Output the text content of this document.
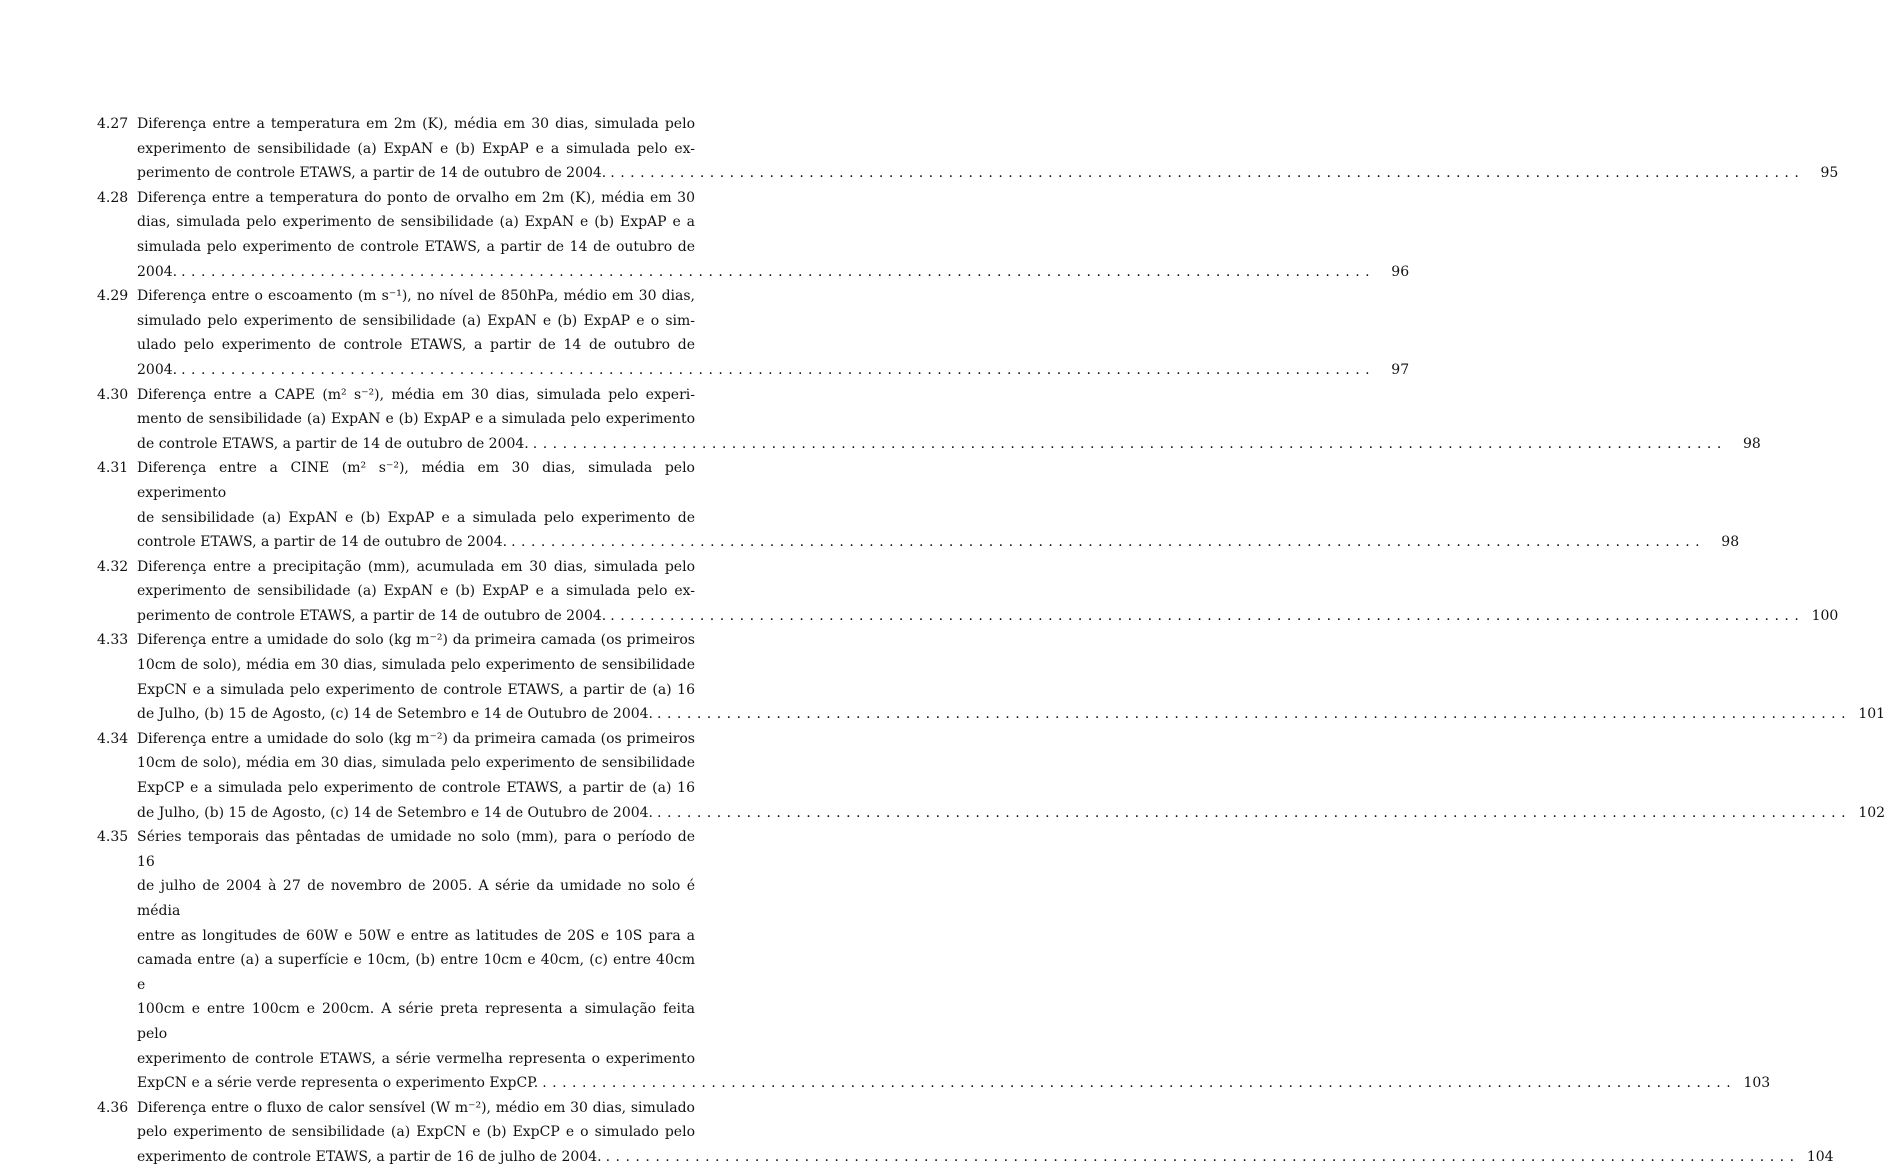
4.27 Diferença entre a temperatura em 2m (K), média em 30 dias, simulada pelo
experimento de sensibilidade (a) ExpAN e (b) ExpAP e a simulada pelo ex-
perimento de controle ETAWS, a partir de 14 de outubro de 2004. ........................................................................................................................	95
4.28 Diferença entre a temperatura do ponto de orvalho em 2m (K), média em 30
dias, simulada pelo experimento de sensibilidade (a) ExpAN e (b) ExpAP e a
simulada pelo experimento de controle ETAWS, a partir de 14 de outubro de
2004. ........................................................................................................................	96
4.29 Diferença entre o escoamento (m s⁻¹), no nível de 850hPa, médio em 30 dias,
simulado pelo experimento de sensibilidade (a) ExpAN e (b) ExpAP e o sim-
ulado pelo experimento de controle ETAWS, a partir de 14 de outubro de
2004. ........................................................................................................................	97
4.30 Diferença entre a CAPE (m² s⁻²), média em 30 dias, simulada pelo experi-
mento de sensibilidade (a) ExpAN e (b) ExpAP e a simulada pelo experimento
de controle ETAWS, a partir de 14 de outubro de 2004. ........................................................................................................................	98
4.31 Diferença entre a CINE (m² s⁻²), média em 30 dias, simulada pelo experimento
de sensibilidade (a) ExpAN e (b) ExpAP e a simulada pelo experimento de
controle ETAWS, a partir de 14 de outubro de 2004. ........................................................................................................................	98
4.32 Diferença entre a precipitação (mm), acumulada em 30 dias, simulada pelo
experimento de sensibilidade (a) ExpAN e (b) ExpAP e a simulada pelo ex-
perimento de controle ETAWS, a partir de 14 de outubro de 2004. ........................................................................................................................ 100
4.33 Diferença entre a umidade do solo (kg m⁻²) da primeira camada (os primeiros
10cm de solo), média em 30 dias, simulada pelo experimento de sensibilidade
ExpCN e a simulada pelo experimento de controle ETAWS, a partir de (a) 16
de Julho, (b) 15 de Agosto, (c) 14 de Setembro e 14 de Outubro de 2004. ........................................................................................................................ 101
4.34 Diferença entre a umidade do solo (kg m⁻²) da primeira camada (os primeiros
10cm de solo), média em 30 dias, simulada pelo experimento de sensibilidade
ExpCP e a simulada pelo experimento de controle ETAWS, a partir de (a) 16
de Julho, (b) 15 de Agosto, (c) 14 de Setembro e 14 de Outubro de 2004. ........................................................................................................................ 102
4.35 Séries temporais das pêntadas de umidade no solo (mm), para o período de 16
de julho de 2004 à 27 de novembro de 2005. A série da umidade no solo é média
entre as longitudes de 60W e 50W e entre as latitudes de 20S e 10S para a
camada entre (a) a superfície e 10cm, (b) entre 10cm e 40cm, (c) entre 40cm e
100cm e entre 100cm e 200cm. A série preta representa a simulação feita pelo
experimento de controle ETAWS, a série vermelha representa o experimento
ExpCN e a série verde representa o experimento ExpCP. ........................................................................................................................ 103
4.36 Diferença entre o fluxo de calor sensível (W m⁻²), médio em 30 dias, simulado
pelo experimento de sensibilidade (a) ExpCN e (b) ExpCP e o simulado pelo
experimento de controle ETAWS, a partir de 16 de julho de 2004. ........................................................................................................................ 104
